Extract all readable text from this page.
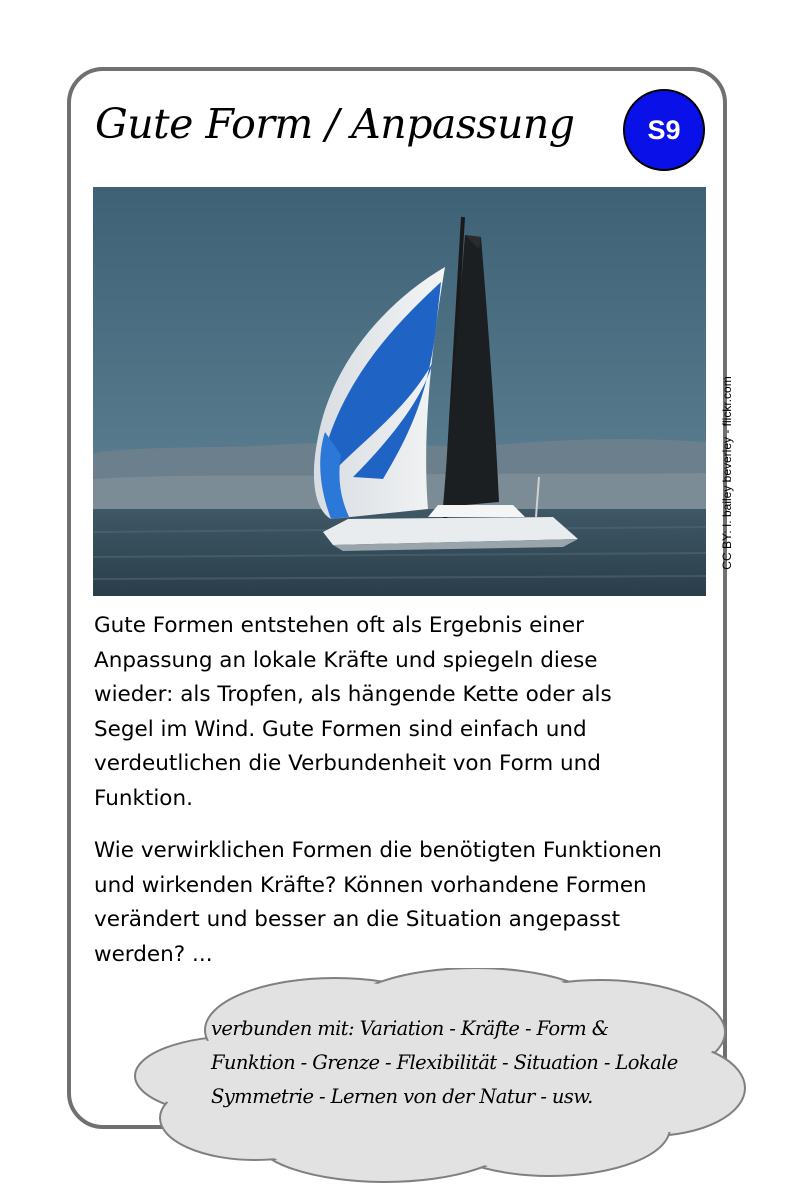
Gute Form / Anpassung	S9
CC BY: I. bailey beverley - flickr.com

Gute Formen entstehen oft als Ergebnis einer Anpassung an lokale Kräfte und spiegeln diese wieder: als Tropfen, als hängende Kette oder als Segel im Wind. Gute Formen sind einfach und verdeutlichen die Verbundenheit von Form und Funktion.

Wie verwirklichen Formen die benötigten Funktionen und wirkenden Kräfte? Können vorhandene Formen verändert und besser an die Situation angepasst werden? ...

verbunden mit: Variation - Kräfte - Form & Funktion - Grenze - Flexibilität - Situation - Lokale Symmetrie - Lernen von der Natur - usw.
